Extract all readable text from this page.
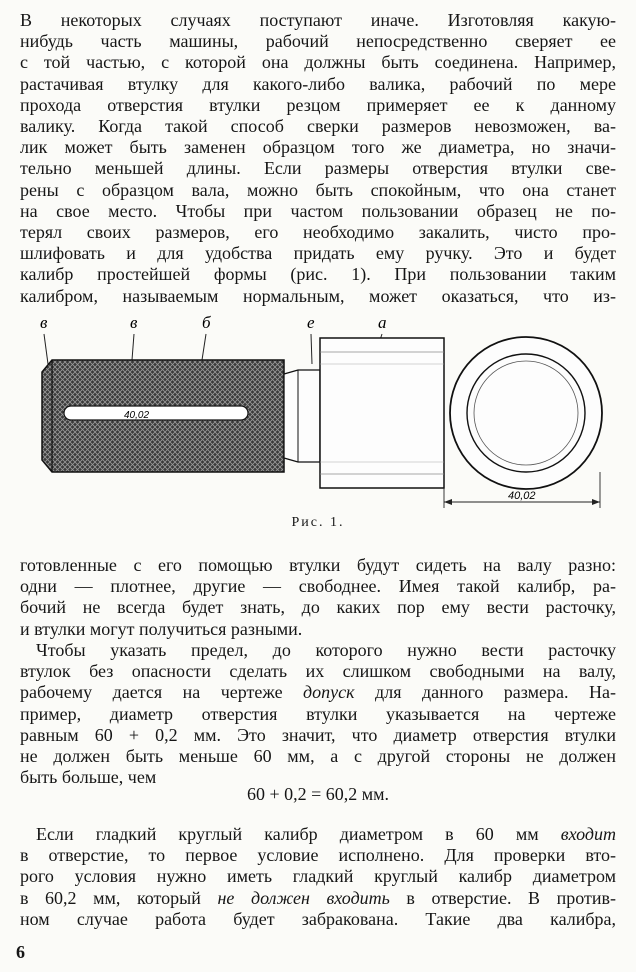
В некоторых случаях поступают иначе. Изготовляя какую-
нибудь часть машины, рабочий непосредственно сверяет ее
с той частью, с которой она должны быть соединена. Например,
растачивая втулку для какого-либо валика, рабочий по мере
прохода отверстия втулки резцом примеряет ее к данному
валику. Когда такой способ сверки размеров невозможен, ва-
лик может быть заменен образцом того же диаметра, но значи-
тельно меньшей длины. Если размеры отверстия втулки све-
рены с образцом вала, можно быть спокойным, что она станет
на свое место. Чтобы при частом пользовании образец не по-
терял своих размеров, его необходимо закалить, чисто про-
шлифовать и для удобства придать ему ручку. Это и будет
калибр простейшей формы (рис. 1). При пользовании таким
калибром, называемым нормальным, может оказаться, что из-

в	в	б	е	а
40,02
40,02
Рис. 1.

готовленные с его помощью втулки будут сидеть на валу разно:
одни — плотнее, другие — свободнее. Имея такой калибр, ра-
бочий не всегда будет знать, до каких пор ему вести расточку,
и втулки могут получиться разными.

Чтобы указать предел, до которого нужно вести расточку
втулок без опасности сделать их слишком свободными на валу,
рабочему дается на чертеже допуск для данного размера. На-
пример, диаметр отверстия втулки указывается на чертеже
равным 60 + 0,2 мм. Это значит, что диаметр отверстия втулки
не должен быть меньше 60 мм, а с другой стороны не должен
быть больше, чем

60 + 0,2 = 60,2 мм.

Если гладкий круглый калибр диаметром в 60 мм входит
в отверстие, то первое условие исполнено. Для проверки вто-
рого условия нужно иметь гладкий круглый калибр диаметром
в 60,2 мм, который не должен входить в отверстие. В против-
ном случае работа будет забракована. Такие два калибра,

6
